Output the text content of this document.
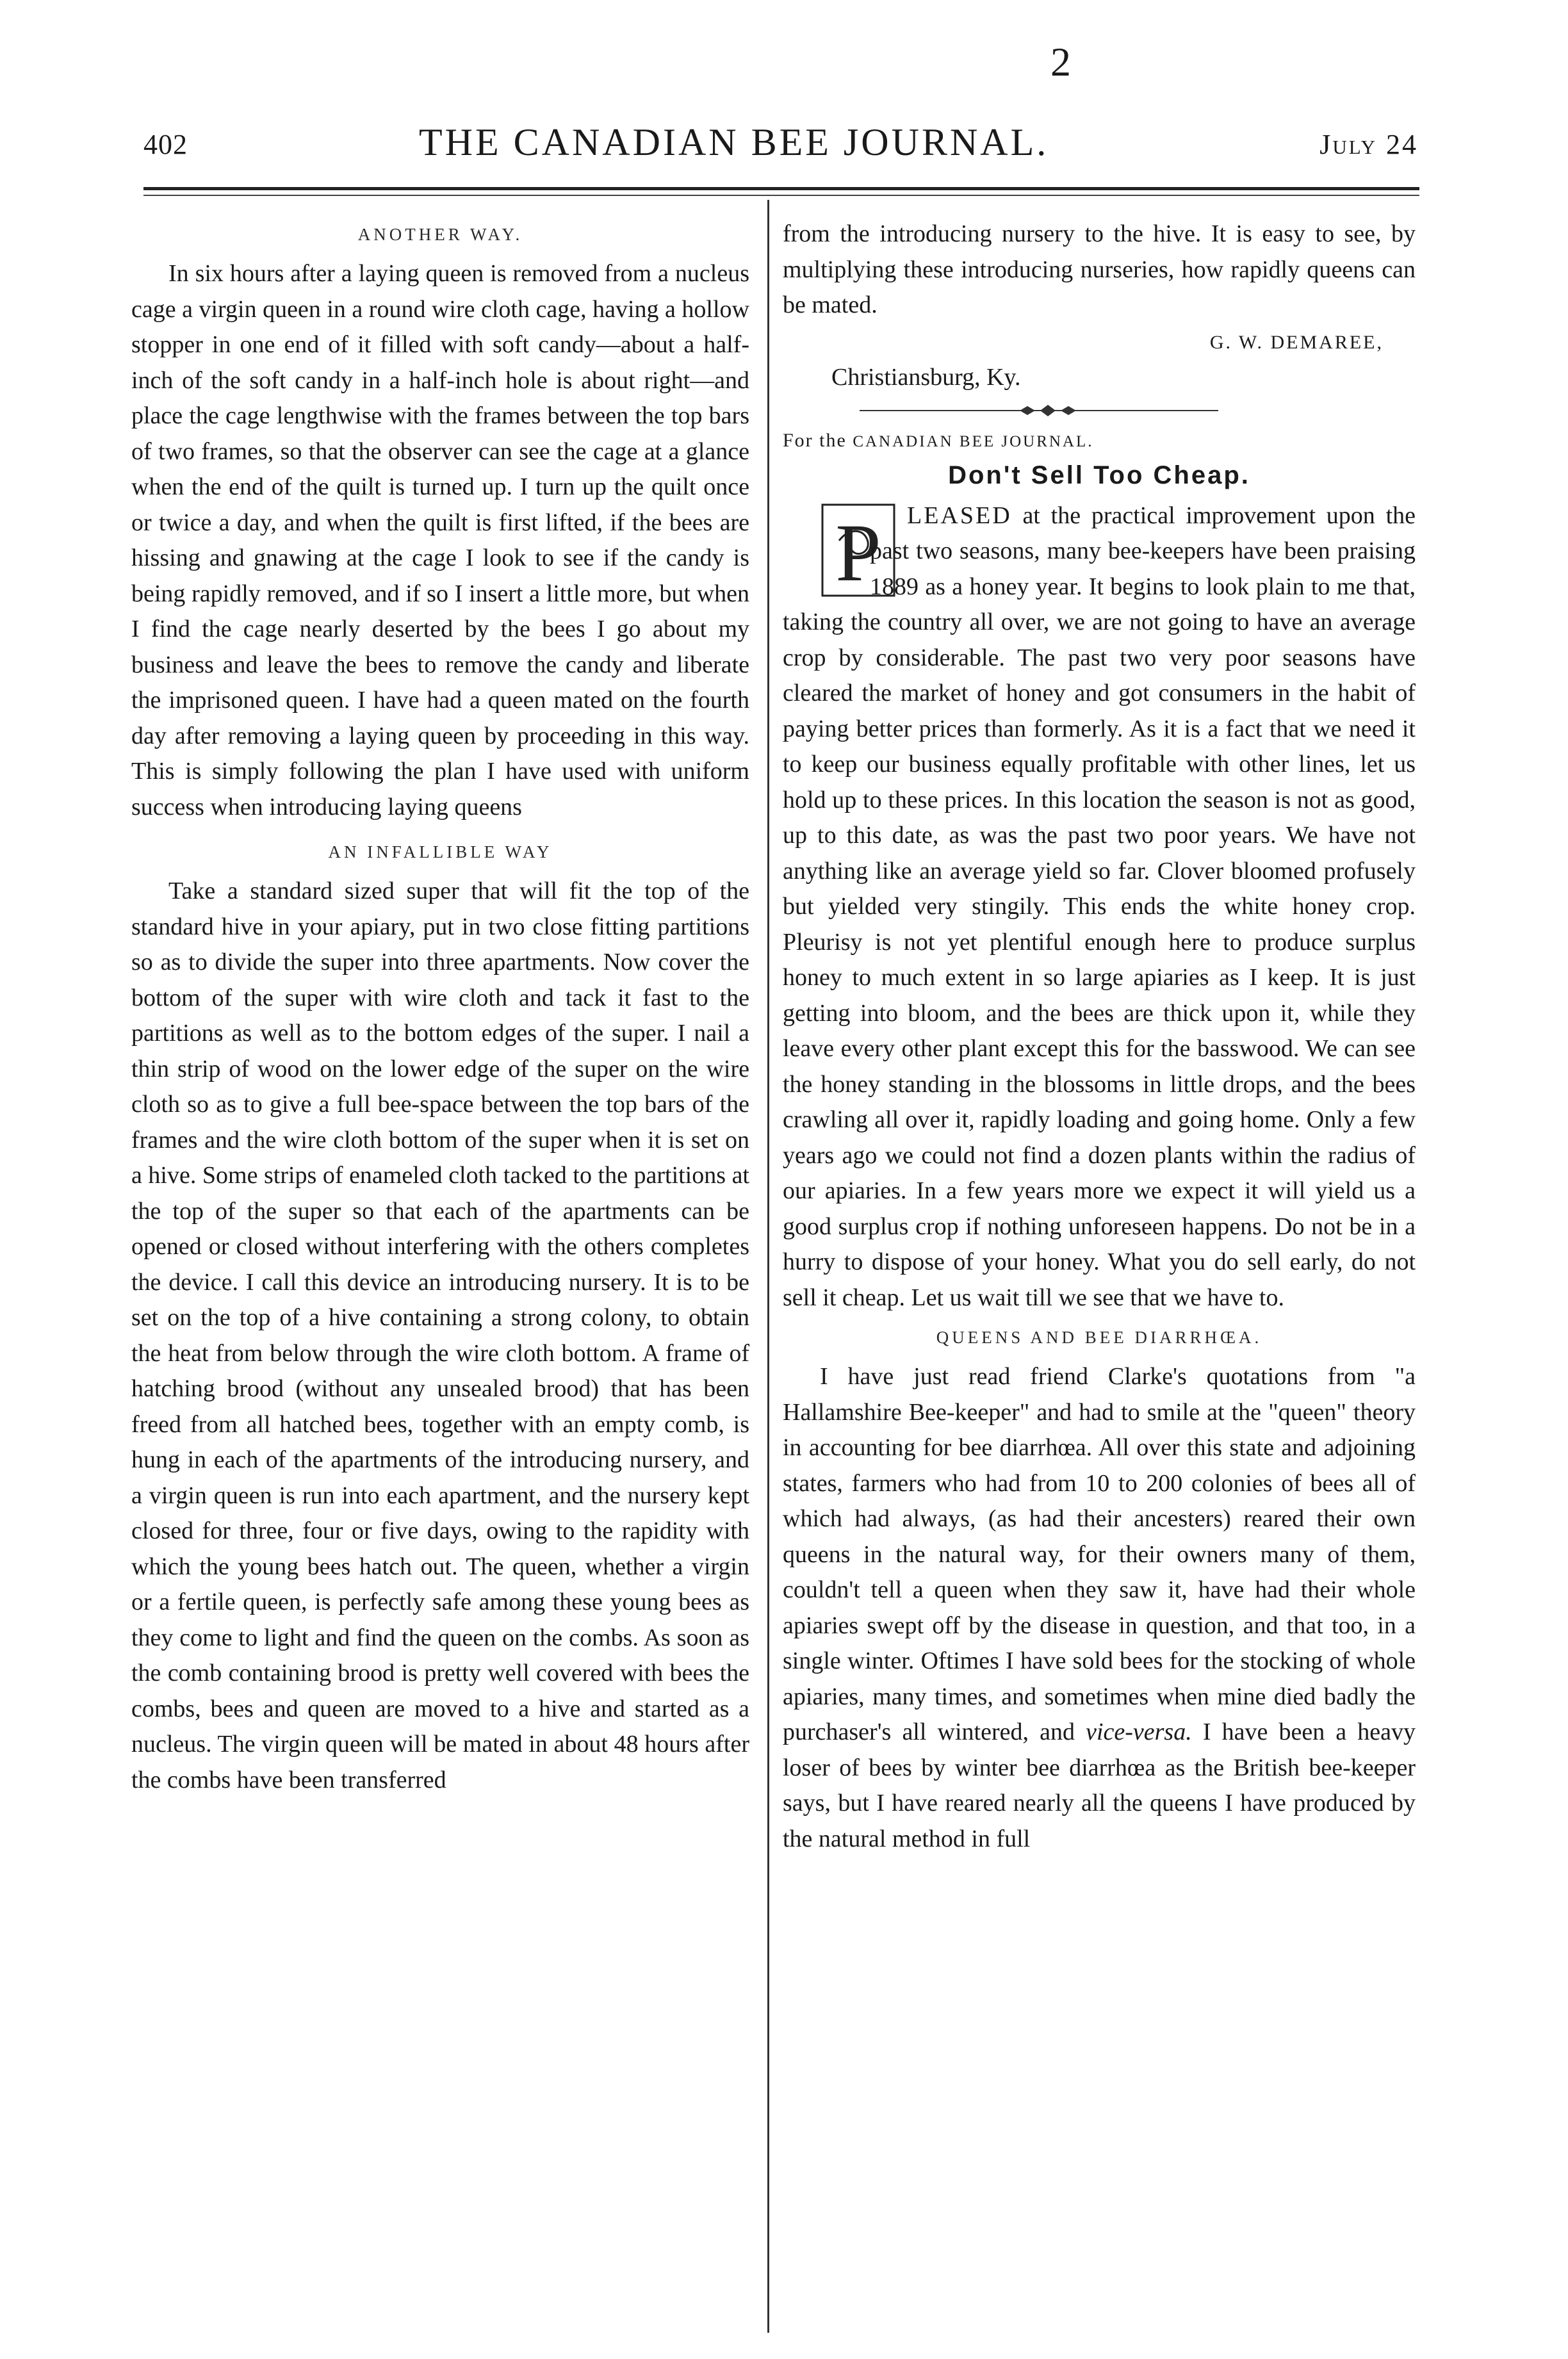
2
402	THE CANADIAN BEE JOURNAL.	July 24
ANOTHER WAY.

In six hours after a laying queen is removed from a nucleus cage a virgin queen in a round wire cloth cage, having a hollow stopper in one end of it filled with soft candy—about a half-inch of the soft candy in a half-inch hole is about right—and place the cage lengthwise with the frames between the top bars of two frames, so that the observer can see the cage at a glance when the end of the quilt is turned up. I turn up the quilt once or twice a day, and when the quilt is first lifted, if the bees are hissing and gnawing at the cage I look to see if the candy is being rapidly removed, and if so I insert a little more, but when I find the cage nearly deserted by the bees I go about my business and leave the bees to remove the candy and liberate the imprisoned queen. I have had a queen mated on the fourth day after removing a laying queen by proceeding in this way. This is simply following the plan I have used with uniform success when introducing laying queens

AN INFALLIBLE WAY

Take a standard sized super that will fit the top of the standard hive in your apiary, put in two close fitting partitions so as to divide the super into three apartments. Now cover the bottom of the super with wire cloth and tack it fast to the partitions as well as to the bottom edges of the super. I nail a thin strip of wood on the lower edge of the super on the wire cloth so as to give a full bee-space between the top bars of the frames and the wire cloth bottom of the super when it is set on a hive. Some strips of enameled cloth tacked to the partitions at the top of the super so that each of the apartments can be opened or closed without interfering with the others completes the device. I call this device an introducing nursery. It is to be set on the top of a hive containing a strong colony, to obtain the heat from below through the wire cloth bottom. A frame of hatching brood (without any unsealed brood) that has been freed from all hatched bees, together with an empty comb, is hung in each of the apartments of the introducing nursery, and a virgin queen is run into each apartment, and the nursery kept closed for three, four or five days, owing to the rapidity with which the young bees hatch out. The queen, whether a virgin or a fertile queen, is perfectly safe among these young bees as they come to light and find the queen on the combs. As soon as the comb containing brood is pretty well covered with bees the combs, bees and queen are moved to a hive and started as a nucleus. The virgin queen will be mated in about 48 hours after the combs have been transferred

from the introducing nursery to the hive. It is easy to see, by multiplying these introducing nurseries, how rapidly queens can be mated.

G. W. DEMAREE,

Christiansburg, Ky.

For the CANADIAN BEE JOURNAL.
Don't Sell Too Cheap.

P LEASED at the practical improvement upon the past two seasons, many bee-keepers have been praising 1889 as a honey year. It begins to look plain to me that, taking the country all over, we are not going to have an average crop by considerable. The past two very poor seasons have cleared the market of honey and got consumers in the habit of paying better prices than formerly. As it is a fact that we need it to keep our business equally profitable with other lines, let us hold up to these prices. In this location the season is not as good, up to this date, as was the past two poor years. We have not anything like an average yield so far. Clover bloomed profusely but yielded very stingily. This ends the white honey crop. Pleurisy is not yet plentiful enough here to produce surplus honey to much extent in so large apiaries as I keep. It is just getting into bloom, and the bees are thick upon it, while they leave every other plant except this for the basswood. We can see the honey standing in the blossoms in little drops, and the bees crawling all over it, rapidly loading and going home. Only a few years ago we could not find a dozen plants within the radius of our apiaries. In a few years more we expect it will yield us a good surplus crop if nothing unforeseen happens. Do not be in a hurry to dispose of your honey. What you do sell early, do not sell it cheap. Let us wait till we see that we have to.

QUEENS AND BEE DIARRHŒA.

I have just read friend Clarke's quotations from "a Hallamshire Bee-keeper" and had to smile at the "queen" theory in accounting for bee diarrhœa. All over this state and adjoining states, farmers who had from 10 to 200 colonies of bees all of which had always, (as had their ancesters) reared their own queens in the natural way, for their owners many of them, couldn't tell a queen when they saw it, have had their whole apiaries swept off by the disease in question, and that too, in a single winter. Oftimes I have sold bees for the stocking of whole apiaries, many times, and sometimes when mine died badly the purchaser's all wintered, and vice-versa. I have been a heavy loser of bees by winter bee diarrhœa as the British bee-keeper says, but I have reared nearly all the queens I have produced by the natural method in full
